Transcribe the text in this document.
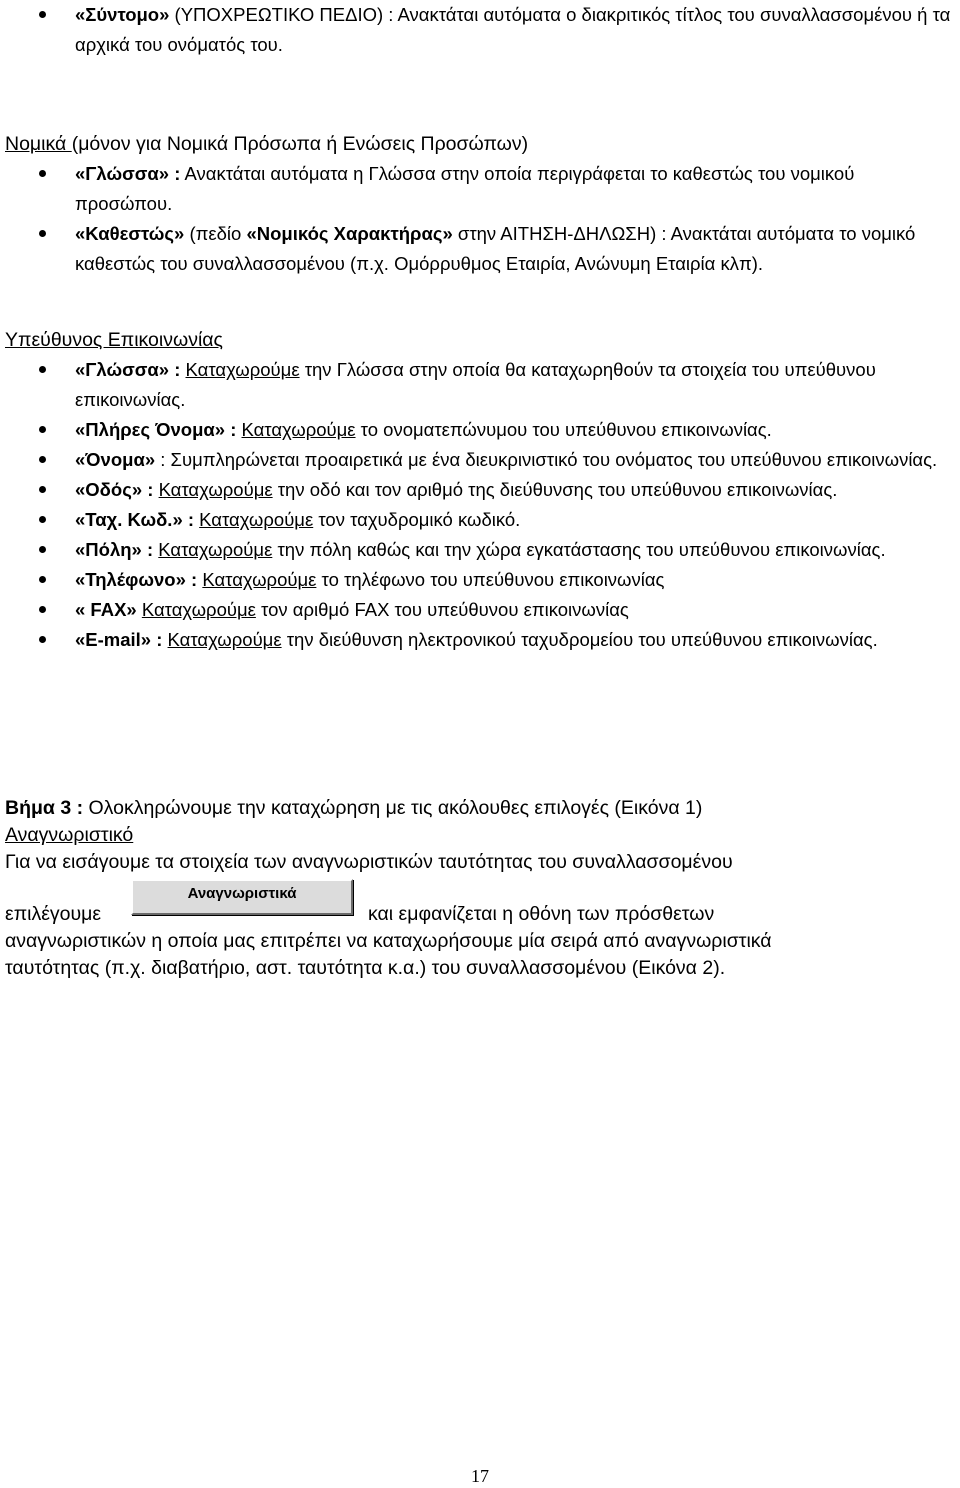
«Σύντομο» (ΥΠΟΧΡΕΩΤΙΚΟ ΠΕΔΙΟ) : Ανακτάται αυτόματα ο διακριτικός τίτλος του συναλλασσομένου ή τα αρχικά του ονόματός του.

Νομικά (μόνον για Νομικά Πρόσωπα ή Ενώσεις Προσώπων)

«Γλώσσα» : Ανακτάται αυτόματα η Γλώσσα στην οποία περιγράφεται το καθεστώς του νομικού προσώπου.
«Καθεστώς» (πεδίο «Νομικός Χαρακτήρας» στην ΑΙΤΗΣΗ-ΔΗΛΩΣΗ) : Ανακτάται αυτόματα το νομικό καθεστώς του συναλλασσομένου (π.χ. Ομόρρυθμος Εταιρία, Ανώνυμη Εταιρία κλπ).

Υπεύθυνος Επικοινωνίας

«Γλώσσα» : Καταχωρούμε την Γλώσσα στην οποία θα καταχωρηθούν τα στοιχεία του υπεύθυνου επικοινωνίας.
«Πλήρες Όνομα» : Καταχωρούμε το ονοματεπώνυμου του υπεύθυνου επικοινωνίας.
«Όνομα» : Συμπληρώνεται προαιρετικά με ένα διευκρινιστικό του ονόματος του υπεύθυνου επικοινωνίας.
«Οδός» : Καταχωρούμε την οδό και τον αριθμό της διεύθυνσης του υπεύθυνου επικοινωνίας.
«Ταχ. Κωδ.» : Καταχωρούμε τον ταχυδρομικό κωδικό.
«Πόλη» : Καταχωρούμε την πόλη καθώς και την χώρα εγκατάστασης του υπεύθυνου επικοινωνίας.
«Τηλέφωνο» : Καταχωρούμε το τηλέφωνο του υπεύθυνου επικοινωνίας
« FAX» Καταχωρούμε τον αριθμό FAX του υπεύθυνου επικοινωνίας
«E-mail» : Καταχωρούμε την διεύθυνση ηλεκτρονικού ταχυδρομείου του υπεύθυνου επικοινωνίας.

Βήμα 3 : Ολοκληρώνουμε την καταχώρηση με τις ακόλουθες επιλογές (Εικόνα 1)

Αναγνωριστικό

Για να εισάγουμε τα στοιχεία των αναγνωριστικών ταυτότητας του συναλλασσομένου

επιλέγουμε

Αναγνωριστικά

και εμφανίζεται η οθόνη των πρόσθετων

αναγνωριστικών η οποία μας επιτρέπει να καταχωρήσουμε μία σειρά από αναγνωριστικά

ταυτότητας (π.χ. διαβατήριο, αστ. ταυτότητα κ.α.) του συναλλασσομένου (Εικόνα 2).

17
